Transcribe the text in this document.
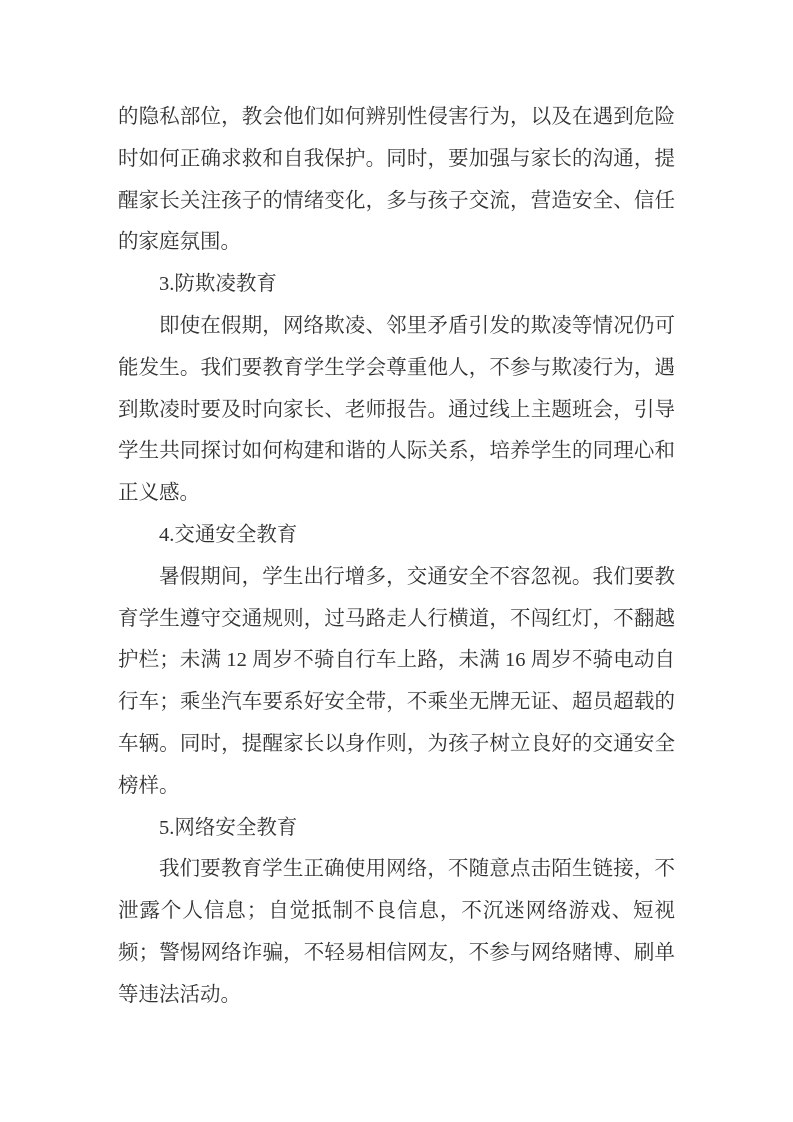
的隐私部位，教会他们如何辨别性侵害行为，以及在遇到危险时如何正确求救和自我保护。同时，要加强与家长的沟通，提醒家长关注孩子的情绪变化，多与孩子交流，营造安全、信任的家庭氛围。

3.防欺凌教育

即使在假期，网络欺凌、邻里矛盾引发的欺凌等情况仍可能发生。我们要教育学生学会尊重他人，不参与欺凌行为，遇到欺凌时要及时向家长、老师报告。通过线上主题班会，引导学生共同探讨如何构建和谐的人际关系，培养学生的同理心和正义感。

4.交通安全教育

暑假期间，学生出行增多，交通安全不容忽视。我们要教育学生遵守交通规则，过马路走人行横道，不闯红灯，不翻越护栏；未满 12 周岁不骑自行车上路，未满 16 周岁不骑电动自行车；乘坐汽车要系好安全带，不乘坐无牌无证、超员超载的车辆。同时，提醒家长以身作则，为孩子树立良好的交通安全榜样。

5.网络安全教育

我们要教育学生正确使用网络，不随意点击陌生链接，不泄露个人信息；自觉抵制不良信息，不沉迷网络游戏、短视频；警惕网络诈骗，不轻易相信网友，不参与网络赌博、刷单等违法活动。
